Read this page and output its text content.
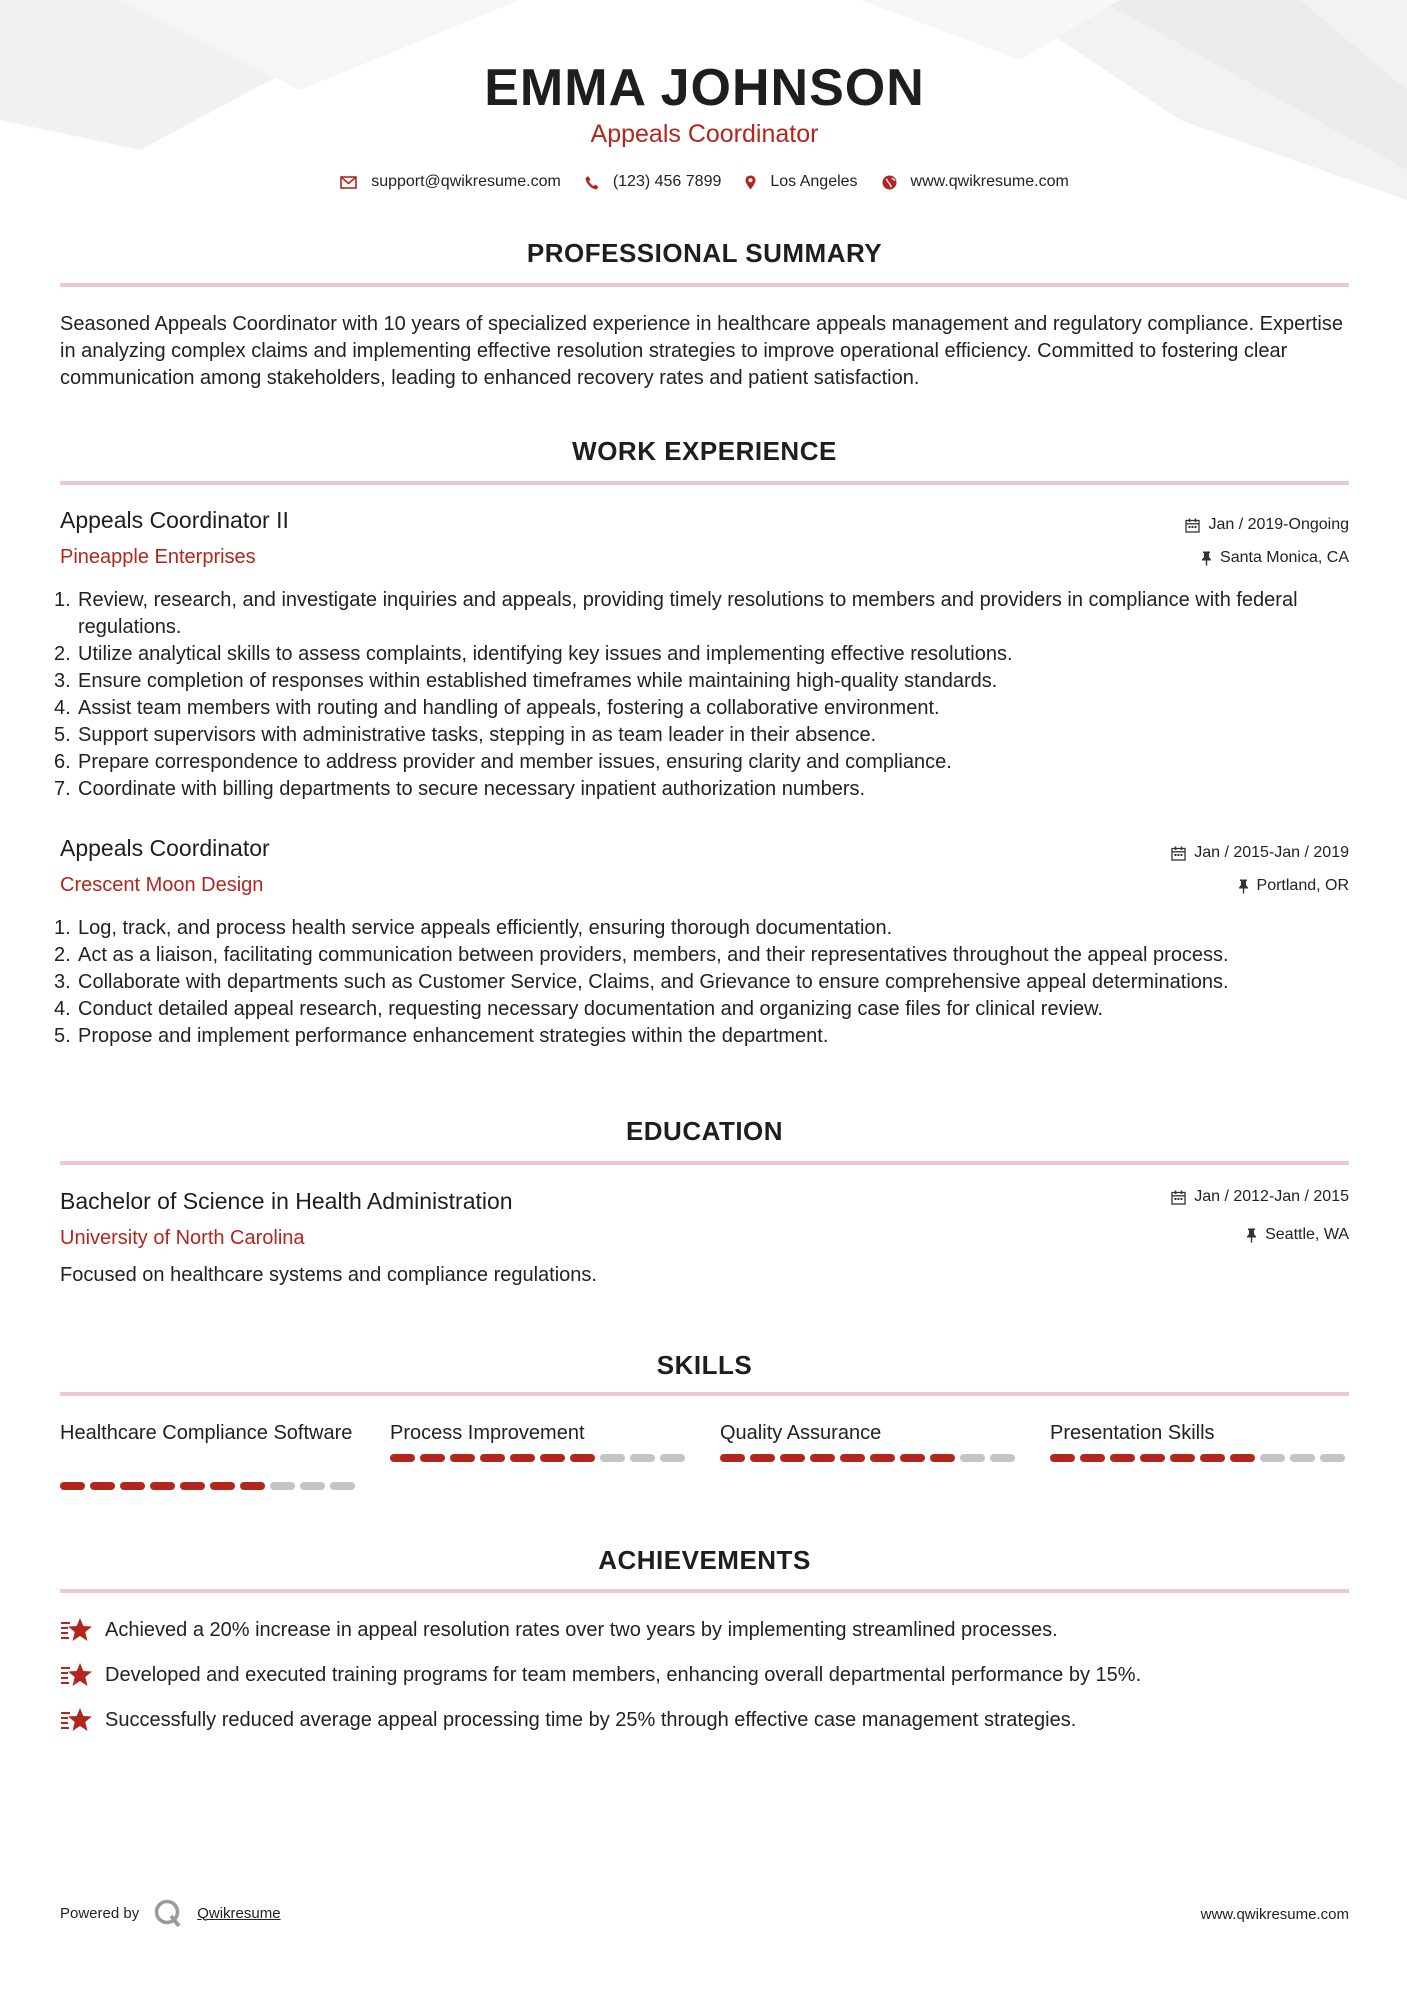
EMMA JOHNSON
Appeals Coordinator
support@qwikresume.com	(123) 456 7899	Los Angeles	www.qwikresume.com
PROFESSIONAL SUMMARY
Seasoned Appeals Coordinator with 10 years of specialized experience in healthcare appeals management and regulatory compliance. Expertise in analyzing complex claims and implementing effective resolution strategies to improve operational efficiency. Committed to fostering clear communication among stakeholders, leading to enhanced recovery rates and patient satisfaction.
WORK EXPERIENCE
Appeals Coordinator II
Pineapple Enterprises
Jan / 2019-Ongoing
Santa Monica, CA
1. Review, research, and investigate inquiries and appeals, providing timely resolutions to members and providers in compliance with federal regulations.
2. Utilize analytical skills to assess complaints, identifying key issues and implementing effective resolutions.
3. Ensure completion of responses within established timeframes while maintaining high-quality standards.
4. Assist team members with routing and handling of appeals, fostering a collaborative environment.
5. Support supervisors with administrative tasks, stepping in as team leader in their absence.
6. Prepare correspondence to address provider and member issues, ensuring clarity and compliance.
7. Coordinate with billing departments to secure necessary inpatient authorization numbers.
Appeals Coordinator
Crescent Moon Design
Jan / 2015-Jan / 2019
Portland, OR
1. Log, track, and process health service appeals efficiently, ensuring thorough documentation.
2. Act as a liaison, facilitating communication between providers, members, and their representatives throughout the appeal process.
3. Collaborate with departments such as Customer Service, Claims, and Grievance to ensure comprehensive appeal determinations.
4. Conduct detailed appeal research, requesting necessary documentation and organizing case files for clinical review.
5. Propose and implement performance enhancement strategies within the department.
EDUCATION
Bachelor of Science in Health Administration
University of North Carolina
Jan / 2012-Jan / 2015
Seattle, WA
Focused on healthcare systems and compliance regulations.
SKILLS
Healthcare Compliance Software	Process Improvement	Quality Assurance	Presentation Skills
ACHIEVEMENTS
Achieved a 20% increase in appeal resolution rates over two years by implementing streamlined processes.
Developed and executed training programs for team members, enhancing overall departmental performance by 15%.
Successfully reduced average appeal processing time by 25% through effective case management strategies.
Powered by	Qwikresume	www.qwikresume.com
